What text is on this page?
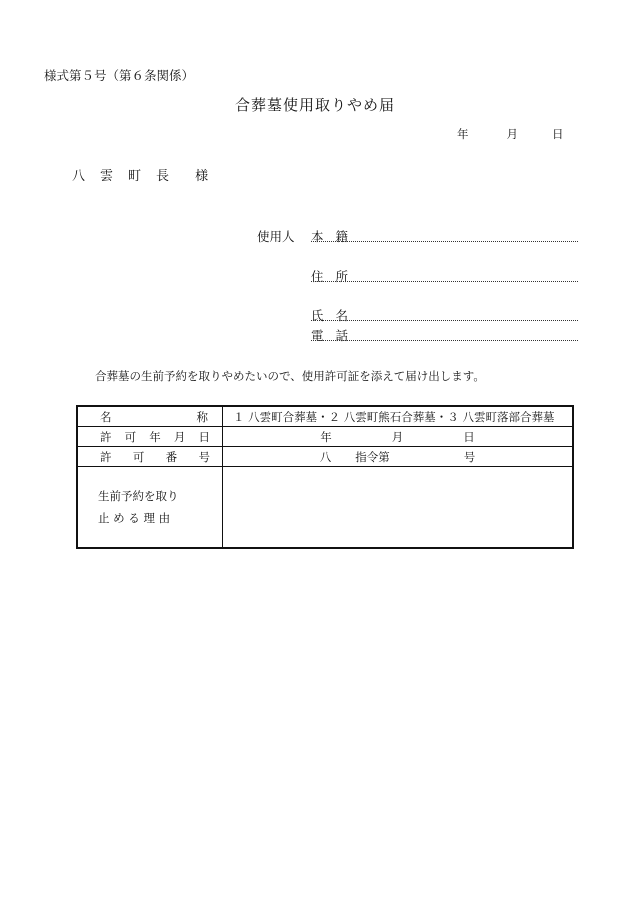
様式第５号（第６条関係）
合葬墓使用取りやめ届
年	月	日
八 雲 町 長 様
使用人 本 籍
住 所
氏 名
電 話
合葬墓の生前予約を取りやめたいので、使用許可証を添えて届け出します。
名 称	１ 八雲町合葬墓・２ 八雲町熊石合葬墓・３ 八雲町落部合葬墓

許 可 年 月 日	年 月 日

許 可 番 号	八 指令第 号

生前予約を取り
止 め る 理 由	
